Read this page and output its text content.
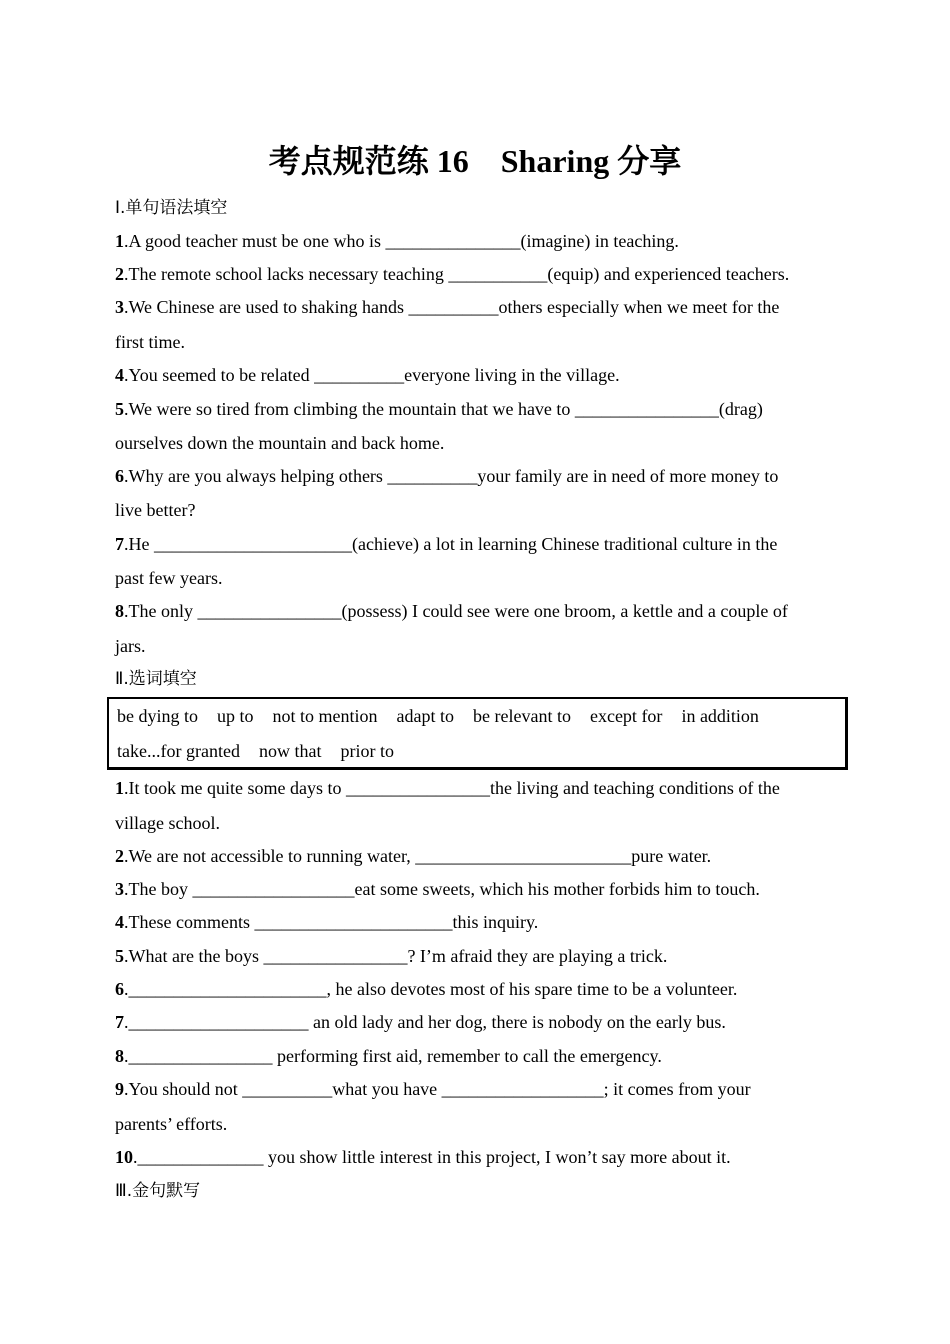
考点规范练 16　Sharing 分享
Ⅰ.单句语法填空
1.A good teacher must be one who is _______________(imagine) in teaching.
2.The remote school lacks necessary teaching ___________(equip) and experienced teachers.
3.We Chinese are used to shaking hands __________others especially when we meet for the
first time.
4.You seemed to be related __________everyone living in the village.
5.We were so tired from climbing the mountain that we have to ________________(drag)
ourselves down the mountain and back home.
6.Why are you always helping others __________your family are in need of more money to
live better?
7.He ______________________(achieve) a lot in learning Chinese traditional culture in the
past few years.
8.The only ________________(possess) I could see were one broom, a kettle and a couple of
jars.
Ⅱ.选词填空
be dying to up to not to mention adapt to be relevant to except for in addition
take...for granted now that prior to
1.It took me quite some days to ________________the living and teaching conditions of the
village school.
2.We are not accessible to running water, ________________________pure water.
3.The boy __________________eat some sweets, which his mother forbids him to touch.
4.These comments ______________________this inquiry.
5.What are the boys ________________? I’m afraid they are playing a trick.
6.______________________, he also devotes most of his spare time to be a volunteer.
7.____________________ an old lady and her dog, there is nobody on the early bus.
8.________________ performing first aid, remember to call the emergency.
9.You should not __________what you have __________________; it comes from your
parents’ efforts.
10.______________ you show little interest in this project, I won’t say more about it.
Ⅲ.金句默写
